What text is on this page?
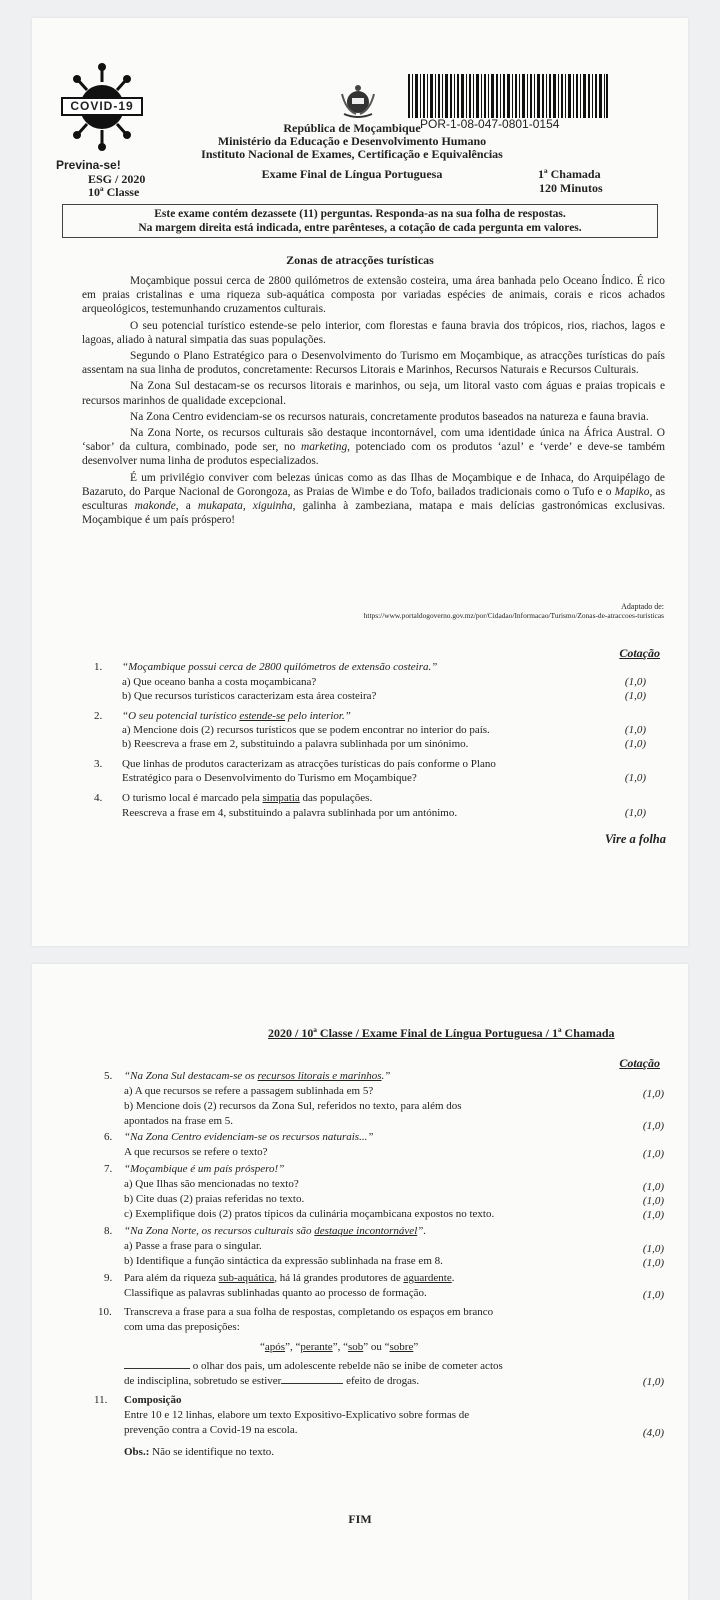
COVID-19
Previna-se!
POR-1-08-047-0801-0154
República de Moçambique
Ministério da Educação e Desenvolvimento Humano
Instituto Nacional de Exames, Certificação e Equivalências
ESG / 2020
10ª Classe
Exame Final de Língua Portuguesa	1ª Chamada
120 Minutos
Este exame contém dezassete (11) perguntas. Responda-as na sua folha de respostas.
Na margem direita está indicada, entre parênteses, a cotação de cada pergunta em valores.
Zonas de atracções turísticas

Moçambique possui cerca de 2800 quilómetros de extensão costeira, uma área banhada pelo Oceano Índico. É rico em praias cristalinas e uma riqueza sub-aquática composta por variadas espécies de animais, corais e ricos achados arqueológicos, testemunhando cruzamentos culturais.

O seu potencial turístico estende-se pelo interior, com florestas e fauna bravia dos trópicos, rios, riachos, lagos e lagoas, aliado à natural simpatia das suas populações.

Segundo o Plano Estratégico para o Desenvolvimento do Turismo em Moçambique, as atracções turísticas do país assentam na sua linha de produtos, concretamente: Recursos Litorais e Marinhos, Recursos Naturais e Recursos Culturais.

Na Zona Sul destacam-se os recursos litorais e marinhos, ou seja, um litoral vasto com águas e praias tropicais e recursos marinhos de qualidade excepcional.

Na Zona Centro evidenciam-se os recursos naturais, concretamente produtos baseados na natureza e fauna bravia.

Na Zona Norte, os recursos culturais são destaque incontornável, com uma identidade única na África Austral. O ‘sabor’ da cultura, combinado, pode ser, no marketing, potenciado com os produtos ‘azul’ e ‘verde’ e deve-se também desenvolver numa linha de produtos especializados.

É um privilégio conviver com belezas únicas como as das Ilhas de Moçambique e de Inhaca, do Arquipélago de Bazaruto, do Parque Nacional de Gorongoza, as Praias de Wimbe e do Tofo, bailados tradicionais como o Tufo e o Mapiko, as esculturas makonde, a mukapata, xiguinha, galinha à zambeziana, matapa e mais delícias gastronómicas exclusivas. Moçambique é um país próspero!

Adaptado de:
https://www.portaldogoverno.gov.mz/por/Cidadao/Informacao/Turismo/Zonas-de-atraccoes-turisticas
Cotação
1. “Moçambique possui cerca de 2800 quilómetros de extensão costeira.”
a) Que oceano banha a costa moçambicana?	(1,0)
b) Que recursos turísticos caracterizam esta área costeira?	(1,0)
2. “O seu potencial turístico estende-se pelo interior.”
a) Mencione dois (2) recursos turísticos que se podem encontrar no interior do país.	(1,0)
b) Reescreva a frase em 2, substituindo a palavra sublinhada por um sinónimo.	(1,0)
3. Que linhas de produtos caracterizam as atracções turísticas do país conforme o Plano
Estratégico para o Desenvolvimento do Turismo em Moçambique?	(1,0)
4. O turismo local é marcado pela simpatia das populações.
Reescreva a frase em 4, substituindo a palavra sublinhada por um antónimo.	(1,0)
Vire a folha
2020 / 10ª Classe / Exame Final de Língua Portuguesa / 1ª Chamada
Cotação
5. “Na Zona Sul destacam-se os recursos litorais e marinhos.”
a) A que recursos se refere a passagem sublinhada em 5?	(1,0)
b) Mencione dois (2) recursos da Zona Sul, referidos no texto, para além dos
apontados na frase em 5.	(1,0)
6. “Na Zona Centro evidenciam-se os recursos naturais...”
A que recursos se refere o texto?	(1,0)
7. “Moçambique é um país próspero!”
a) Que Ilhas são mencionadas no texto?	(1,0)
b) Cite duas (2) praias referidas no texto.	(1,0)
c) Exemplifique dois (2) pratos típicos da culinária moçambicana expostos no texto.	(1,0)
8. “Na Zona Norte, os recursos culturais são destaque incontornável”.
a) Passe a frase para o singular.	(1,0)
b) Identifique a função sintáctica da expressão sublinhada na frase em 8.	(1,0)
9. Para além da riqueza sub-aquática, há lá grandes produtores de aguardente.
Classifique as palavras sublinhadas quanto ao processo de formação.	(1,0)
10. Transcreva a frase para a sua folha de respostas, completando os espaços em branco
com uma das preposições:
“após”, “perante”, “sob” ou “sobre”
o olhar dos pais, um adolescente rebelde não se inibe de cometer actos
de indisciplina, sobretudo se estiver	efeito de drogas.	(1,0)
11. Composição
Entre 10 e 12 linhas, elabore um texto Expositivo-Explicativo sobre formas de
prevenção contra a Covid-19 na escola.	(4,0)
Obs.: Não se identifique no texto.
FIM
